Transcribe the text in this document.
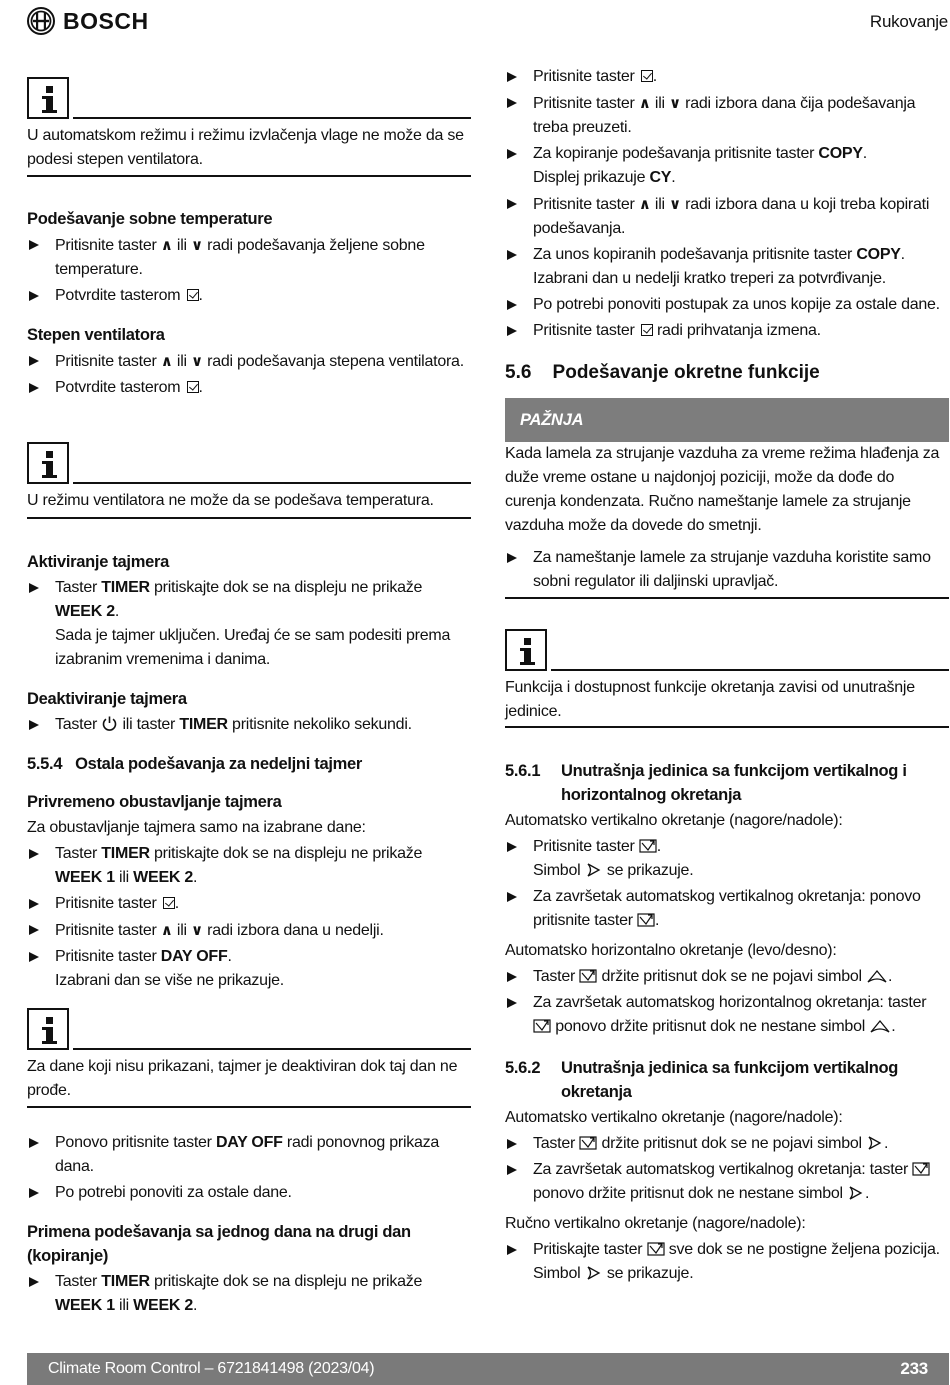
BOSCH	Rukovanje
U automatskom režimu i režimu izvlačenja vlage ne može da se podesi stepen ventilatora.
Podešavanje sobne temperature
Pritisnite taster ∧ ili ∨ radi podešavanja željene sobne temperature.
Potvrdite tasterom .
Stepen ventilatora
Pritisnite taster ∧ ili ∨ radi podešavanja stepena ventilatora.
Potvrdite tasterom .
U režimu ventilatora ne može da se podešava temperatura.
Aktiviranje tajmera
Taster TIMER pritiskajte dok se na displeju ne prikaže WEEK 2.
Sada je tajmer uključen. Uređaj će se sam podesiti prema izabranim vremenima i danima.
Deaktiviranje tajmera
Taster ili taster TIMER pritisnite nekoliko sekundi.
5.5.4 Ostala podešavanja za nedeljni tajmer
Privremeno obustavljanje tajmera
Za obustavljanje tajmera samo na izabrane dane:
Taster TIMER pritiskajte dok se na displeju ne prikaže
WEEK 1 ili WEEK 2.
Pritisnite taster .
Pritisnite taster ∧ ili ∨ radi izbora dana u nedelji.
Pritisnite taster DAY OFF.
Izabrani dan se više ne prikazuje.
Za dane koji nisu prikazani, tajmer je deaktiviran dok taj dan ne prođe.
Ponovo pritisnite taster DAY OFF radi ponovnog prikaza dana.
Po potrebi ponoviti za ostale dane.
Primena podešavanja sa jednog dana na drugi dan (kopiranje)
Taster TIMER pritiskajte dok se na displeju ne prikaže
WEEK 1 ili WEEK 2.
Pritisnite taster .
Pritisnite taster ∧ ili ∨ radi izbora dana čija podešavanja treba preuzeti.
Za kopiranje podešavanja pritisnite taster COPY.
Displej prikazuje CY.
Pritisnite taster ∧ ili ∨ radi izbora dana u koji treba kopirati podešavanja.
Za unos kopiranih podešavanja pritisnite taster COPY.
Izabrani dan u nedelji kratko treperi za potvrđivanje.
Po potrebi ponoviti postupak za unos kopije za ostale dane.
Pritisnite taster radi prihvatanja izmena.
5.6 Podešavanje okretne funkcije
PAŽNJA
Kada lamela za strujanje vazduha za vreme režima hlađenja za duže vreme ostane u najdonjoj poziciji, može da dođe do curenja kondenzata. Ručno nameštanje lamele za strujanje vazduha može da dovede do smetnji.
Za nameštanje lamele za strujanje vazduha koristite samo sobni regulator ili daljinski upravljač.
Funkcija i dostupnost funkcije okretanja zavisi od unutrašnje jedinice.
5.6.1 Unutrašnja jedinica sa funkcijom vertikalnog i horizontalnog okretanja
Automatsko vertikalno okretanje (nagore/nadole):
Pritisnite taster .
Simbol se prikazuje.
Za završetak automatskog vertikalnog okretanja: ponovo pritisnite taster .
Automatsko horizontalno okretanje (levo/desno):
Taster držite pritisnut dok se ne pojavi simbol .
Za završetak automatskog horizontalnog okretanja: taster
ponovo držite pritisnut dok ne nestane simbol .
5.6.2 Unutrašnja jedinica sa funkcijom vertikalnog okretanja
Automatsko vertikalno okretanje (nagore/nadole):
Taster držite pritisnut dok se ne pojavi simbol .
Za završetak automatskog vertikalnog okretanja: taster
ponovo držite pritisnut dok ne nestane simbol .
Ručno vertikalno okretanje (nagore/nadole):
Pritiskajte taster sve dok se ne postigne željena pozicija.
Simbol se prikazuje.
Climate Room Control – 6721841498 (2023/04)	233
